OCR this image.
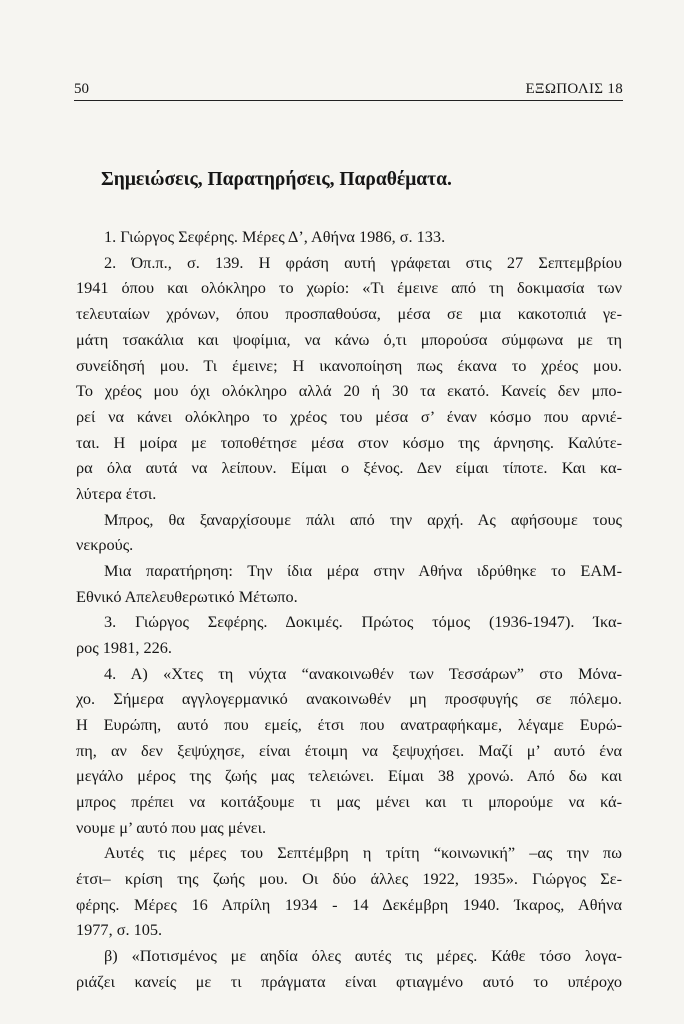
50	ΕΞΩΠΟΛΙΣ 18
Σημειώσεις, Παρατηρήσεις, Παραθέματα.
1. Γιώργος Σεφέρης. Μέρες Δ’, Αθήνα 1986, σ. 133.
2. Όπ.π., σ. 139. Η φράση αυτή γράφεται στις 27 Σεπτεμβρίου
1941 όπου και ολόκληρο το χωρίο: «Τι έμεινε από τη δοκιμασία των
τελευταίων χρόνων, όπου προσπαθούσα, μέσα σε μια κακοτοπιά γε-
μάτη τσακάλια και ψοφίμια, να κάνω ό,τι μπορούσα σύμφωνα με τη
συνείδησή μου. Τι έμεινε; Η ικανοποίηση πως έκανα το χρέος μου.
Το χρέος μου όχι ολόκληρο αλλά 20 ή 30 τα εκατό. Κανείς δεν μπο-
ρεί να κάνει ολόκληρο το χρέος του μέσα σ’ έναν κόσμο που αρνιέ-
ται. Η μοίρα με τοποθέτησε μέσα στον κόσμο της άρνησης. Καλύτε-
ρα όλα αυτά να λείπουν. Είμαι ο ξένος. Δεν είμαι τίποτε. Και κα-
λύτερα έτσι.
Μπρος, θα ξαναρχίσουμε πάλι από την αρχή. Ας αφήσουμε τους
νεκρούς.
Μια παρατήρηση: Την ίδια μέρα στην Αθήνα ιδρύθηκε το ΕΑΜ-
Εθνικό Απελευθερωτικό Μέτωπο.
3. Γιώργος Σεφέρης. Δοκιμές. Πρώτος τόμος (1936-1947). Ίκα-
ρος 1981, 226.
4. Α) «Χτες τη νύχτα “ανακοινωθέν των Τεσσάρων” στο Μόνα-
χο. Σήμερα αγγλογερμανικό ανακοινωθέν μη προσφυγής σε πόλεμο.
Η Ευρώπη, αυτό που εμείς, έτσι που ανατραφήκαμε, λέγαμε Ευρώ-
πη, αν δεν ξεψύχησε, είναι έτοιμη να ξεψυχήσει. Μαζί μ’ αυτό ένα
μεγάλο μέρος της ζωής μας τελειώνει. Είμαι 38 χρονώ. Από δω και
μπρος πρέπει να κοιτάξουμε τι μας μένει και τι μπορούμε να κά-
νουμε μ’ αυτό που μας μένει.
Αυτές τις μέρες του Σεπτέμβρη η τρίτη “κοινωνική” –ας την πω
έτσι– κρίση της ζωής μου. Οι δύο άλλες 1922, 1935». Γιώργος Σε-
φέρης. Μέρες 16 Απρίλη 1934 - 14 Δεκέμβρη 1940. Ίκαρος, Αθήνα
1977, σ. 105.
β) «Ποτισμένος με αηδία όλες αυτές τις μέρες. Κάθε τόσο λογα-
ριάζει κανείς με τι πράγματα είναι φτιαγμένο αυτό το υπέροχο
